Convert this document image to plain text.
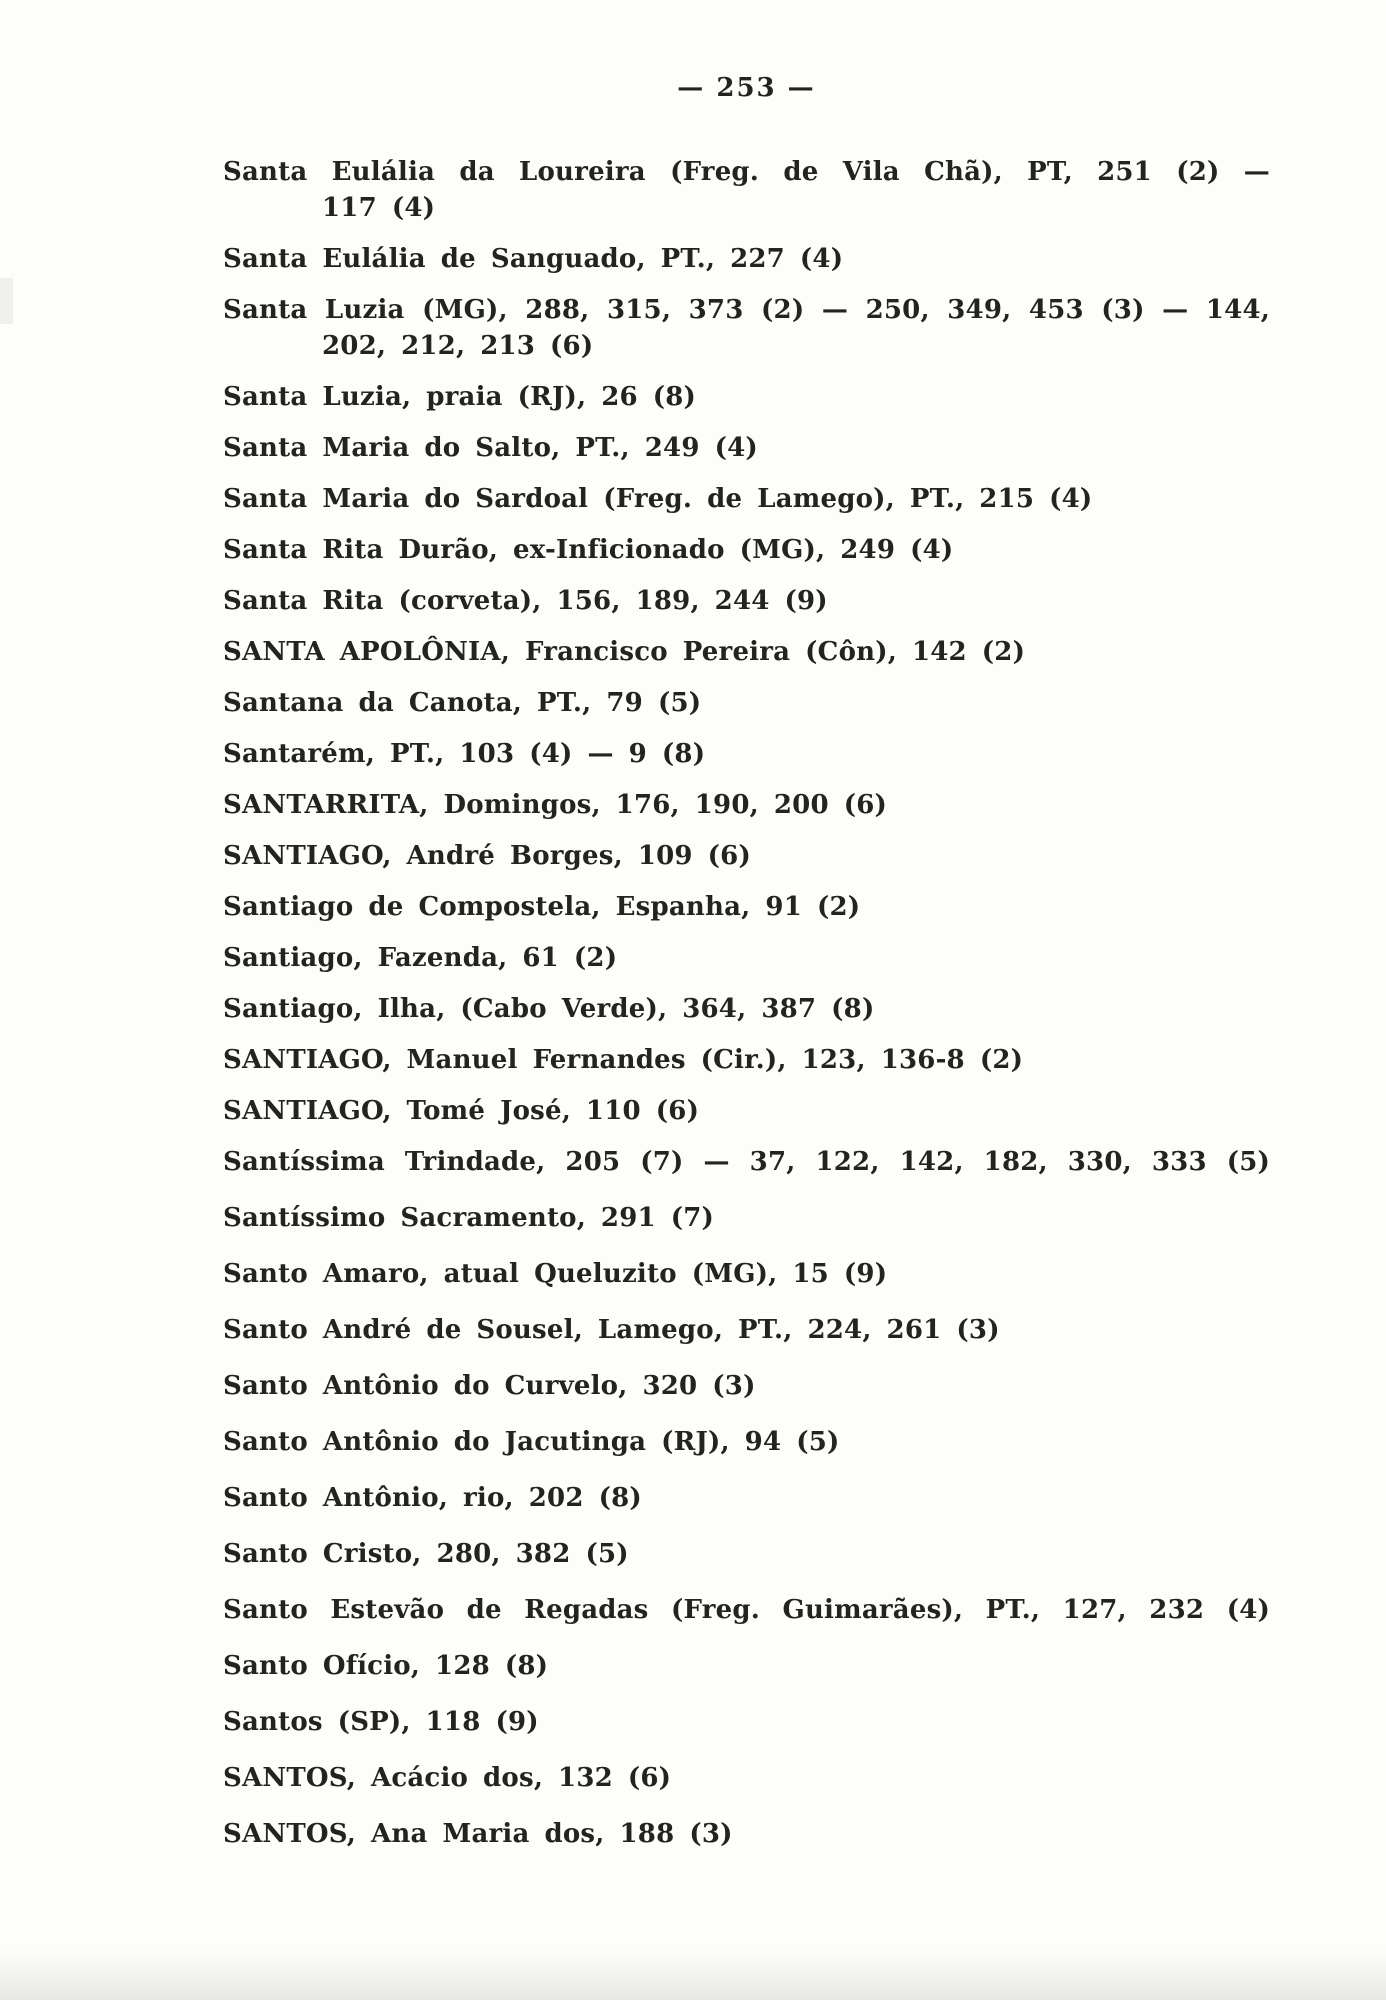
— 253 —
Santa Eulália da Loureira (Freg. de Vila Chã), PT, 251 (2) —
117 (4)
Santa Eulália de Sanguado, PT., 227 (4)
Santa Luzia (MG), 288, 315, 373 (2) — 250, 349, 453 (3) — 144,
202, 212, 213 (6)
Santa Luzia, praia (RJ), 26 (8)
Santa Maria do Salto, PT., 249 (4)
Santa Maria do Sardoal (Freg. de Lamego), PT., 215 (4)
Santa Rita Durão, ex-Inficionado (MG), 249 (4)
Santa Rita (corveta), 156, 189, 244 (9)
SANTA APOLÔNIA, Francisco Pereira (Côn), 142 (2)
Santana da Canota, PT., 79 (5)
Santarém, PT., 103 (4) — 9 (8)
SANTARRITA, Domingos, 176, 190, 200 (6)
SANTIAGO, André Borges, 109 (6)
Santiago de Compostela, Espanha, 91 (2)
Santiago, Fazenda, 61 (2)
Santiago, Ilha, (Cabo Verde), 364, 387 (8)
SANTIAGO, Manuel Fernandes (Cir.), 123, 136-8 (2)
SANTIAGO, Tomé José, 110 (6)
Santíssima Trindade, 205 (7) — 37, 122, 142, 182, 330, 333 (5)
Santíssimo Sacramento, 291 (7)
Santo Amaro, atual Queluzito (MG), 15 (9)
Santo André de Sousel, Lamego, PT., 224, 261 (3)
Santo Antônio do Curvelo, 320 (3)
Santo Antônio do Jacutinga (RJ), 94 (5)
Santo Antônio, rio, 202 (8)
Santo Cristo, 280, 382 (5)
Santo Estevão de Regadas (Freg. Guimarães), PT., 127, 232 (4)
Santo Ofício, 128 (8)
Santos (SP), 118 (9)
SANTOS, Acácio dos, 132 (6)
SANTOS, Ana Maria dos, 188 (3)
